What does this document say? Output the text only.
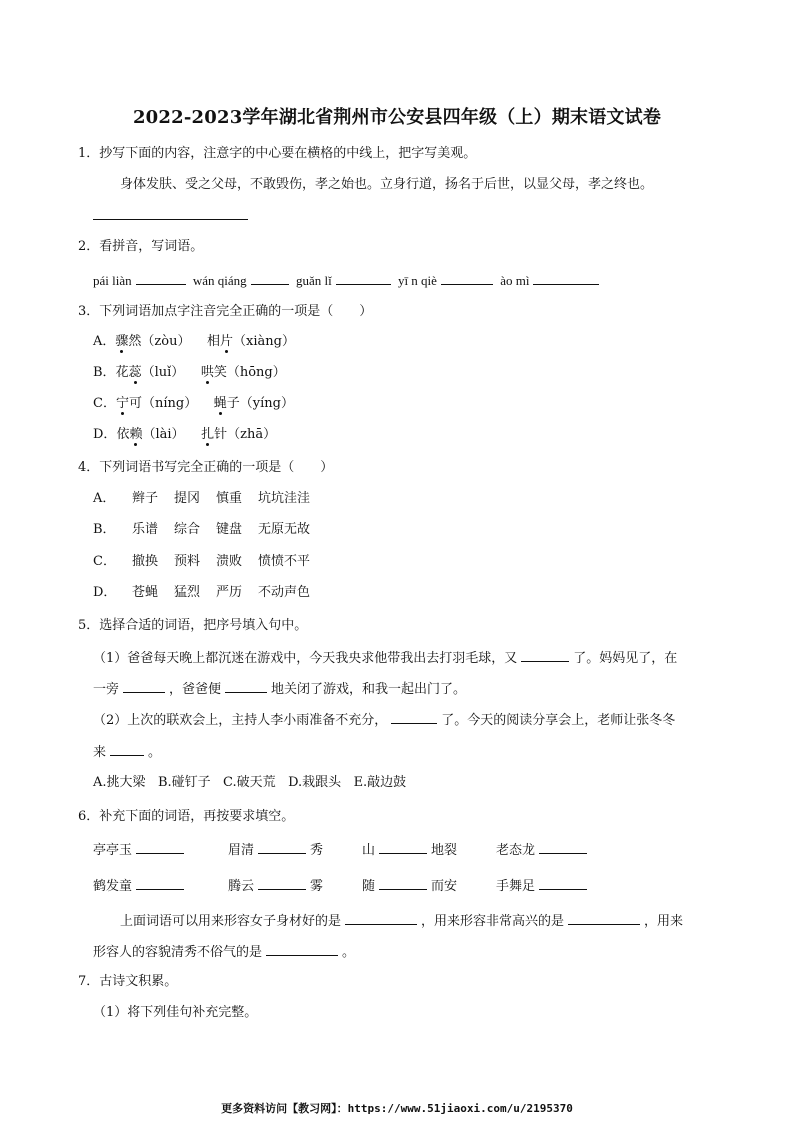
2022-2023学年湖北省荆州市公安县四年级（上）期末语文试卷
1．抄写下面的内容，注意字的中心要在横格的中线上，把字写美观。
身体发肤、受之父母，不敢毁伤，孝之始也。立身行道，扬名于后世，以显父母，孝之终也。
2．看拼音，写词语。
pái liàn	wán qiáng	guǎn lǐ	yī n qiè	ào mì
3．下列词语加点字注音完全正确的一项是（　　）
A．骤然（zòu） 相片（xiàng）
B．花蕊（luǐ） 哄笑（hōng）
C．宁可（níng） 蝇子（yíng）
D．依赖（lài） 扎针（zhā）
4．下列词语书写完全正确的一项是（　　）
A． 辫子 提冈 慎重 坑坑洼洼
B． 乐谱 综合 键盘 无原无故
C． 撤换 预料 溃败 愤愤不平
D． 苍蝇 猛烈 严历 不动声色
5．选择合适的词语，把序号填入句中。
（1）爸爸每天晚上都沉迷在游戏中，今天我央求他带我出去打羽毛球，又	了。妈妈见了，在
一旁	，爸爸便	地关闭了游戏，和我一起出门了。
（2）上次的联欢会上，主持人李小雨准备不充分，	了。今天的阅读分享会上，老师让张冬冬
来	。
A.挑大梁 B.碰钉子 C.破天荒 D.栽跟头 E.敲边鼓
6．补充下面的词语，再按要求填空。
亭亭玉	眉清	秀	山	地裂	老态龙
鹤发童	腾云	雾	随	而安	手舞足
上面词语可以用来形容女子身材好的是	，用来形容非常高兴的是	，用来
形容人的容貌清秀不俗气的是	。
7．古诗文积累。
（1）将下列佳句补充完整。
更多资料访问【教习网】：https://www.51jiaoxi.com/u/2195370
